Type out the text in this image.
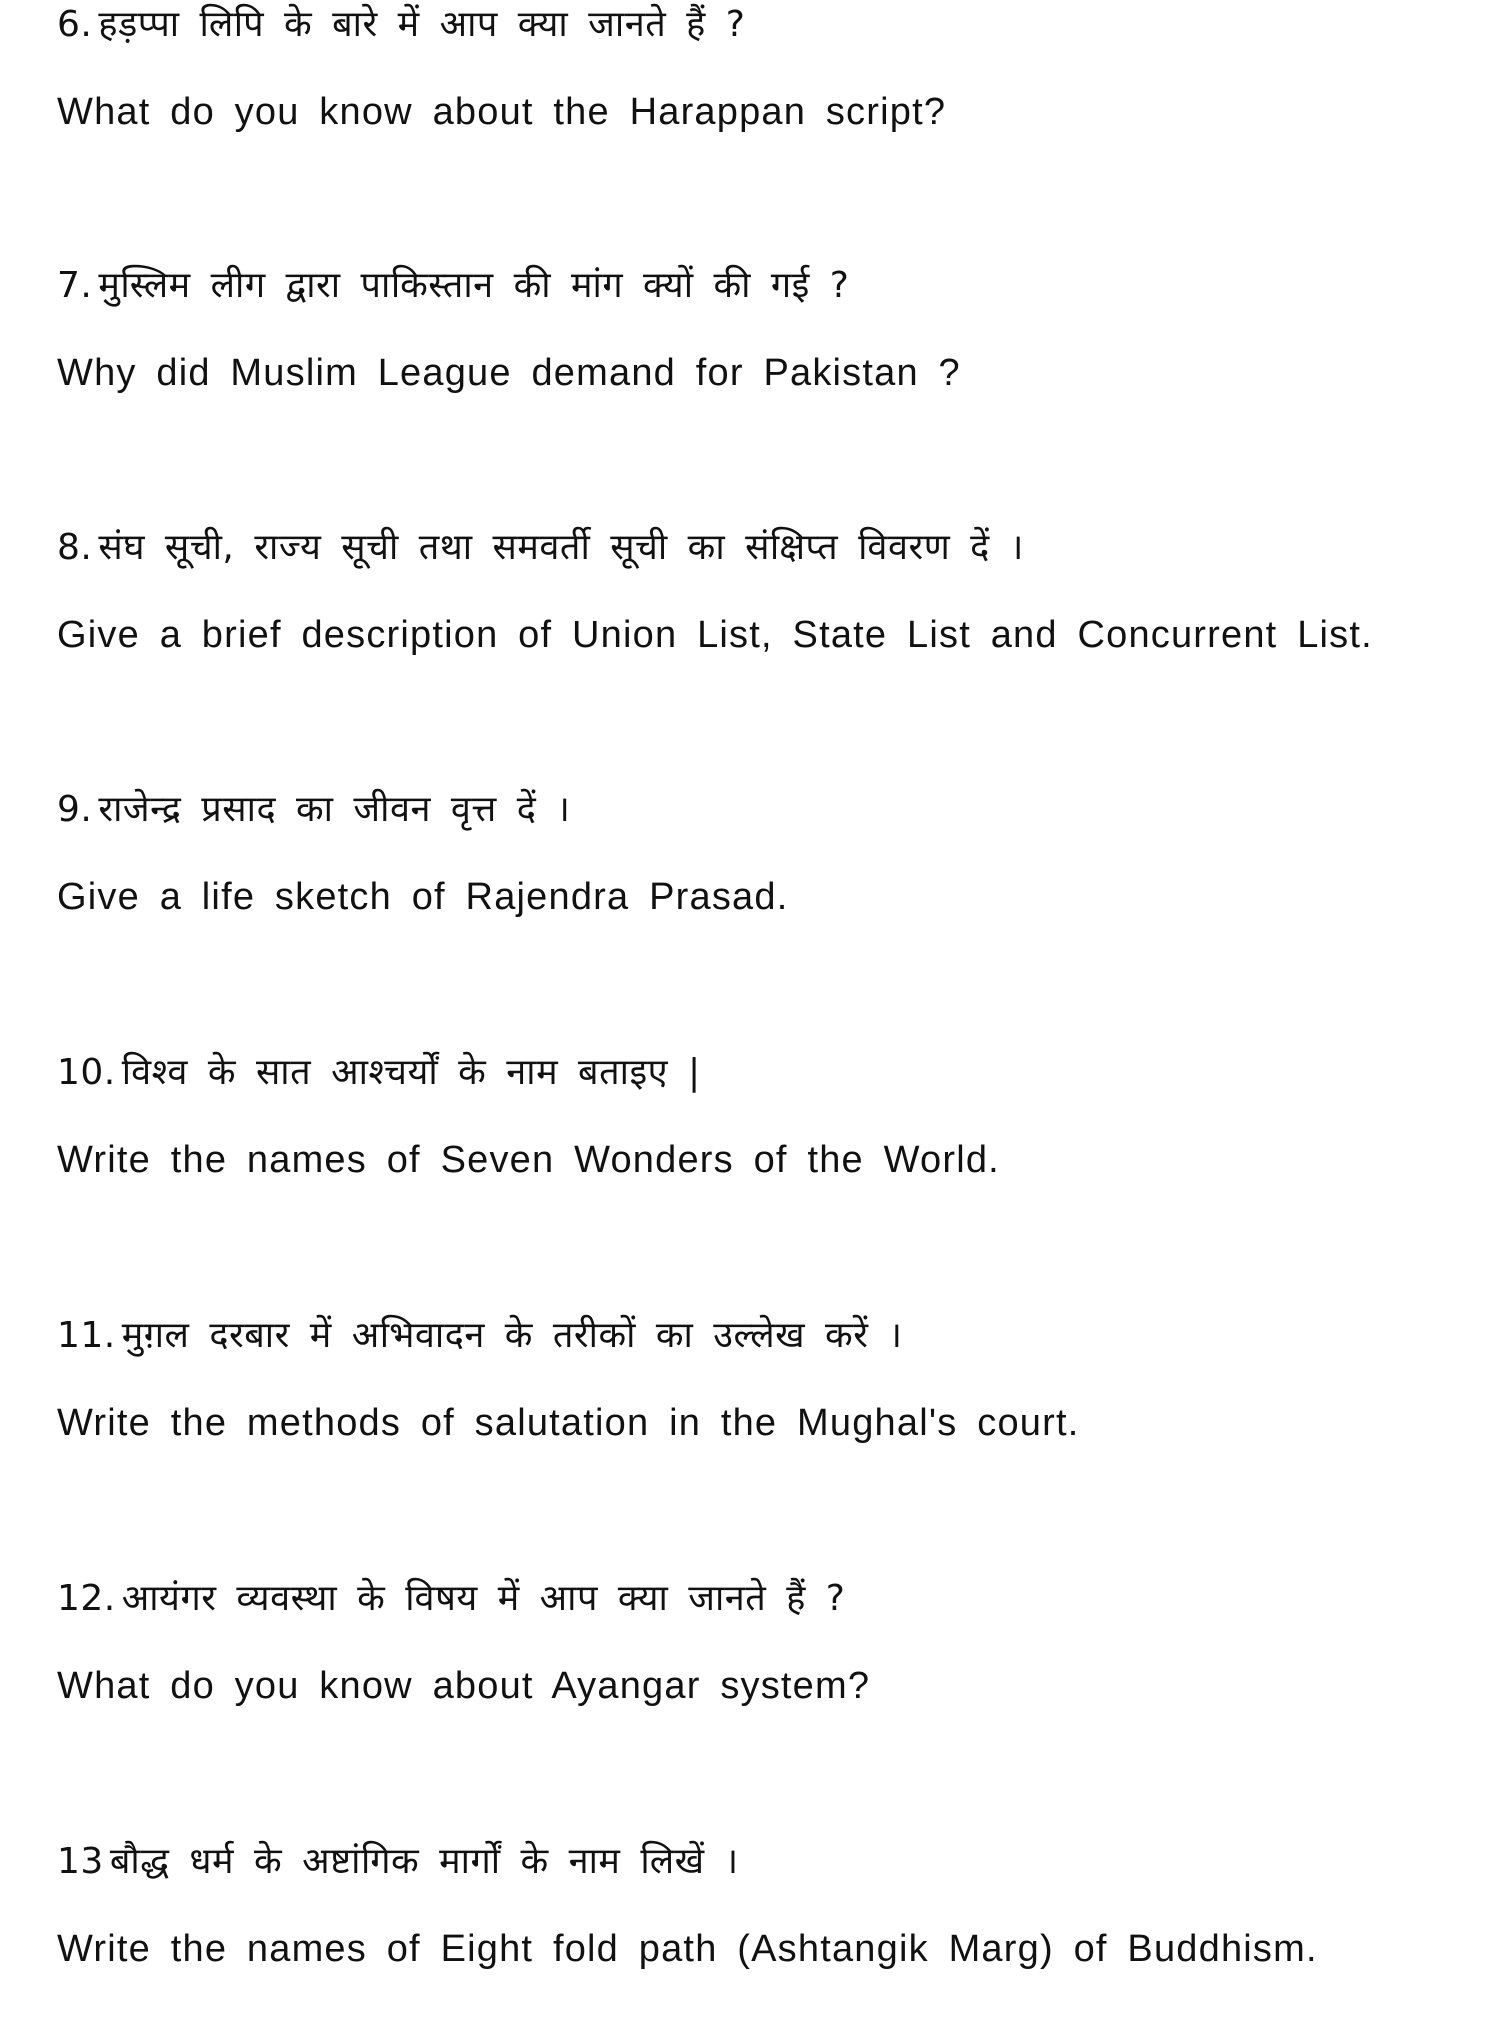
6. हड़प्पा लिपि के बारे में आप क्या जानते हैं ?
What do you know about the Harappan script?
7. मुस्लिम लीग द्वारा पाकिस्तान की मांग क्यों की गई ?
Why did Muslim League demand for Pakistan ?
8. संघ सूची, राज्य सूची तथा समवर्ती सूची का संक्षिप्त विवरण दें ।
Give a brief description of Union List, State List and Concurrent List.
9. राजेन्द्र प्रसाद का जीवन वृत्त दें ।
Give a life sketch of Rajendra Prasad.
10. विश्व के सात आश्चर्यों के नाम बताइए |
Write the names of Seven Wonders of the World.
11. मुग़ल दरबार में अभिवादन के तरीकों का उल्लेख करें ।
Write the methods of salutation in the Mughal's court.
12. आयंगर व्यवस्था के विषय में आप क्या जानते हैं ?
What do you know about Ayangar system?
13 बौद्ध धर्म के अष्टांगिक मार्गों के नाम लिखें ।
Write the names of Eight fold path (Ashtangik Marg) of Buddhism.
